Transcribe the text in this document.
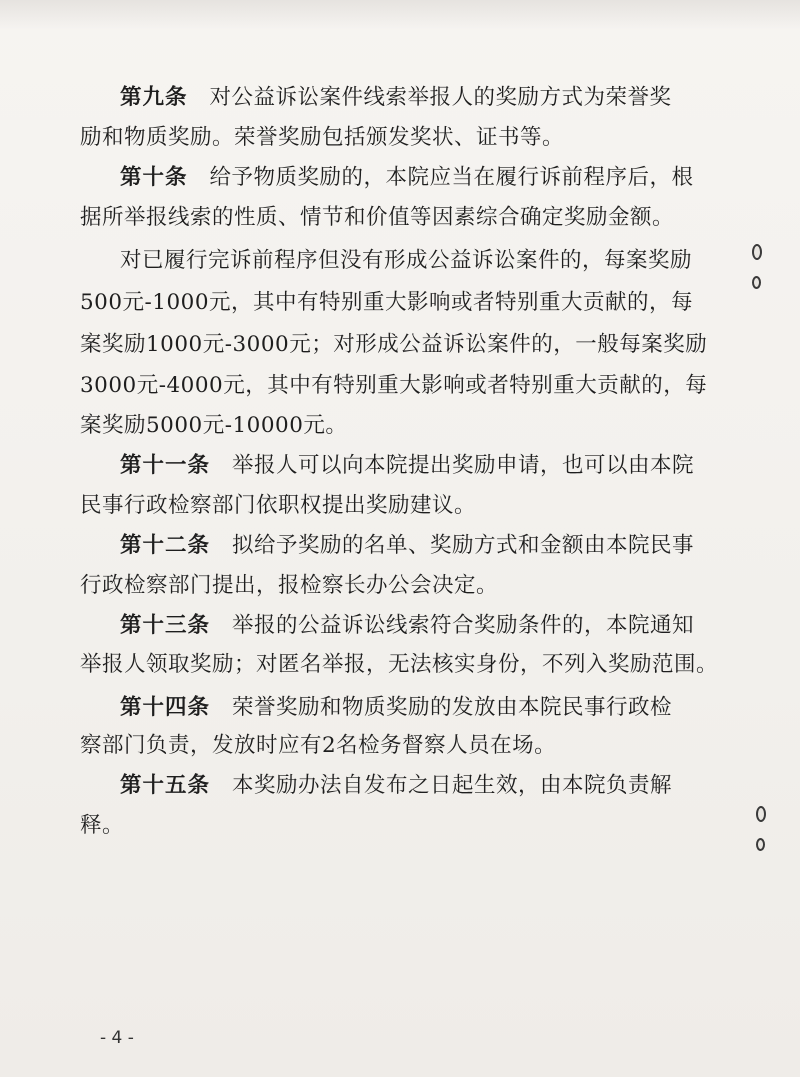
第九条 对公益诉讼案件线索举报人的奖励方式为荣誉奖
励和物质奖励。荣誉奖励包括颁发奖状、证书等。
第十条 给予物质奖励的，本院应当在履行诉前程序后，根
据所举报线索的性质、情节和价值等因素综合确定奖励金额。
对已履行完诉前程序但没有形成公益诉讼案件的，每案奖励
500元-1000元，其中有特别重大影响或者特别重大贡献的，每
案奖励1000元-3000元；对形成公益诉讼案件的，一般每案奖励
3000元-4000元，其中有特别重大影响或者特别重大贡献的，每
案奖励5000元-10000元。
第十一条 举报人可以向本院提出奖励申请，也可以由本院
民事行政检察部门依职权提出奖励建议。
第十二条 拟给予奖励的名单、奖励方式和金额由本院民事
行政检察部门提出，报检察长办公会决定。
第十三条 举报的公益诉讼线索符合奖励条件的，本院通知
举报人领取奖励；对匿名举报，无法核实身份，不列入奖励范围。
第十四条 荣誉奖励和物质奖励的发放由本院民事行政检
察部门负责，发放时应有2名检务督察人员在场。
第十五条 本奖励办法自发布之日起生效，由本院负责解
释。
- 4 -
